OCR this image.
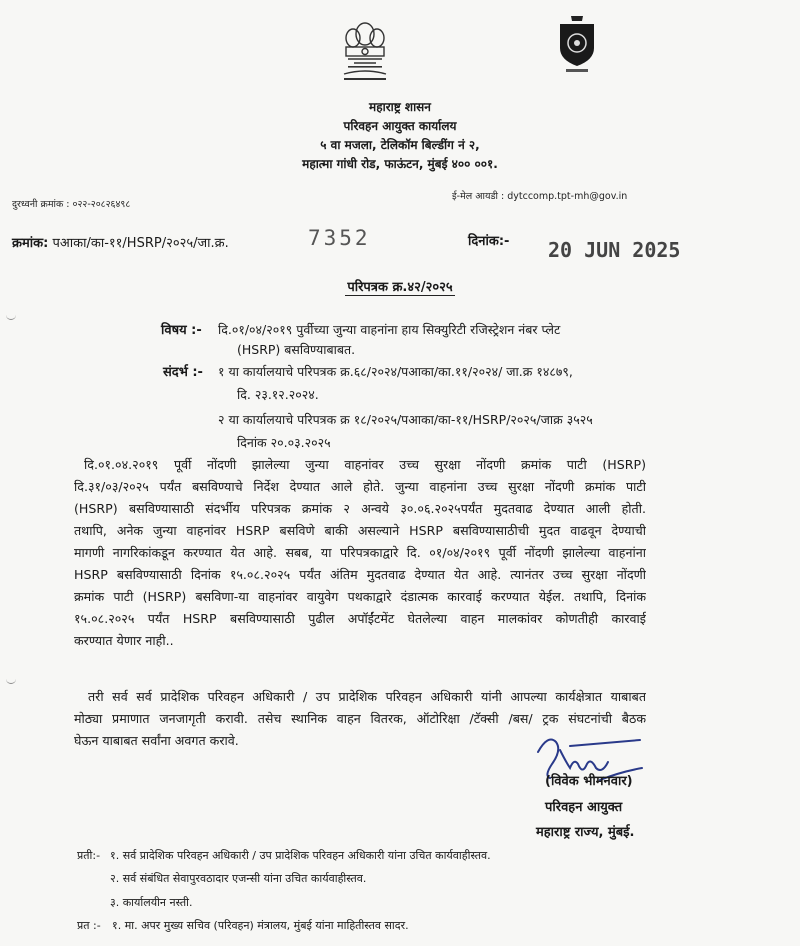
महाराष्ट्र शासन
परिवहन आयुक्त कार्यालय
५ वा मजला, टेलिकॉम बिल्डींग नं २,
महात्मा गांधी रोड, फाऊंटन, मुंबई ४०० ००१.
दुरध्वनी क्रमांक : ०२२-२०८२६४९८
ई-मेल आयडी : dytccomp.tpt-mh@gov.in
क्रमांक: पआका/का-११/HSRP/२०२५/जा.क्र.	7352	दिनांक:- 20 JUN 2025
परिपत्रक क्र.४२/२०२५
विषय :- दि.०१/०४/२०१९ पुर्वीच्या जुन्या वाहनांना हाय सिक्युरिटी रजिस्ट्रेशन नंबर प्लेट
(HSRP) बसविण्याबाबत.
संदर्भ :- १ या कार्यालयाचे परिपत्रक क्र.६८/२०२४/पआका/का.११/२०२४/ जा.क्र १४८७९,
दि. २३.१२.२०२४.
२ या कार्यालयाचे परिपत्रक क्र १८/२०२५/पआका/का-११/HSRP/२०२५/जाक्र ३५२५
दिनांक २०.०३.२०२५
दि.०१.०४.२०१९ पूर्वी नोंदणी झालेल्या जुन्या वाहनांवर उच्च सुरक्षा नोंदणी क्रमांक पाटी (HSRP)
दि.३१/०३/२०२५ पर्यंत बसविण्याचे निर्देश देण्यात आले होते. जुन्या वाहनांना उच्च सुरक्षा नोंदणी क्रमांक पाटी
(HSRP) बसविण्यासाठी संदर्भीय परिपत्रक क्रमांक २ अन्वये ३०.०६.२०२५पर्यंत मुदतवाढ देण्यात आली होती.
तथापि, अनेक जुन्या वाहनांवर HSRP बसविणे बाकी असल्याने HSRP बसविण्यासाठीची मुदत वाढवून देण्याची
मागणी नागरिकांकडून करण्यात येत आहे. सबब, या परिपत्रकाद्वारे दि. ०१/०४/२०१९ पूर्वी नोंदणी झालेल्या वाहनांना
HSRP बसविण्यासाठी दिनांक १५.०८.२०२५ पर्यंत अंतिम मुदतवाढ देण्यात येत आहे. त्यानंतर उच्च सुरक्षा नोंदणी
क्रमांक पाटी (HSRP) बसविणा-या वाहनांवर वायुवेग पथकाद्वारे दंडात्मक कारवाई करण्यात येईल. तथापि, दिनांक
१५.०८.२०२५ पर्यंत HSRP बसविण्यासाठी पुढील अपॉईंटमेंट घेतलेल्या वाहन मालकांवर कोणतीही कारवाई
करण्यात येणार नाही..
तरी सर्व सर्व प्रादेशिक परिवहन अधिकारी / उप प्रादेशिक परिवहन अधिकारी यांनी आपल्या कार्यक्षेत्रात याबाबत
मोठ्या प्रमाणात जनजागृती करावी. तसेच स्थानिक वाहन वितरक, ऑटोरिक्षा /टॅक्सी /बस/ ट्रक संघटनांची बैठक
घेऊन याबाबत सर्वांना अवगत करावे.
(विवेक भीमनवार)
परिवहन आयुक्त
महाराष्ट्र राज्य, मुंबई.
प्रती:- १. सर्व प्रादेशिक परिवहन अधिकारी / उप प्रादेशिक परिवहन अधिकारी यांना उचित कार्यवाहीस्तव.
२. सर्व संबंधित सेवापुरवठादार एजन्सी यांना उचित कार्यवाहीस्तव.
३. कार्यालयीन नस्ती.
प्रत :- १. मा. अपर मुख्य सचिव (परिवहन) मंत्रालय, मुंबई यांना माहितीस्तव सादर.
